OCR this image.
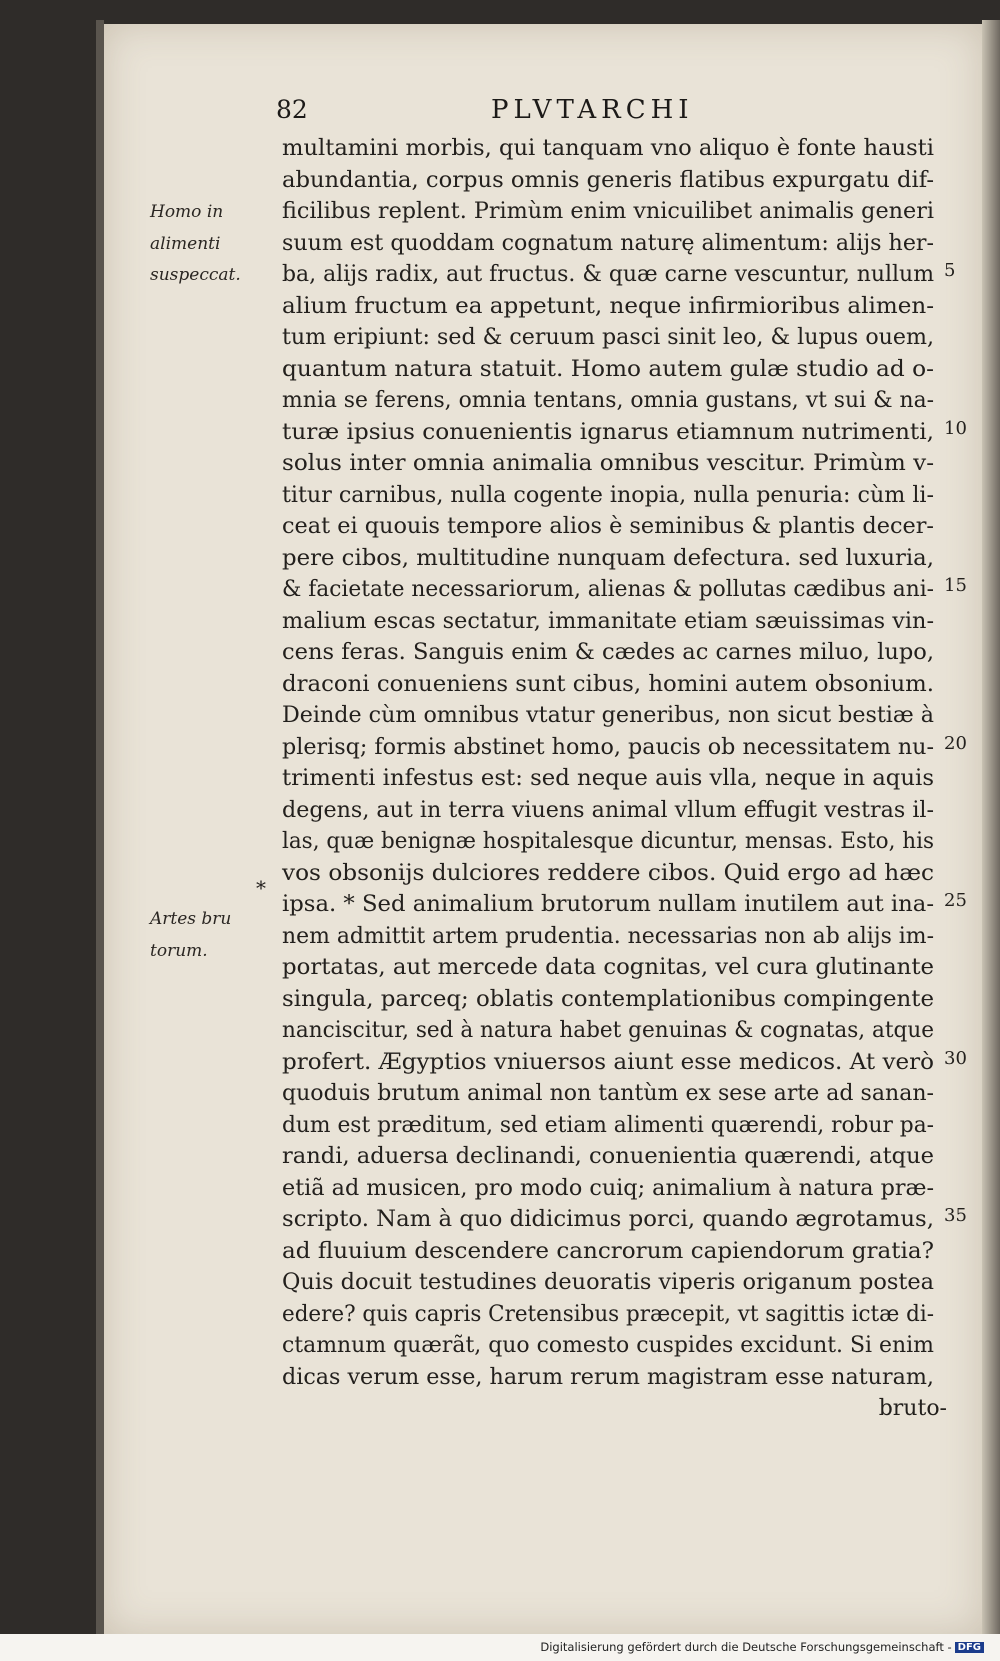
82	PLVTARCHI
Homo in alimenti suspeccat.
Artes bru torum.
*
multamini morbis, qui tanquam vno aliquo è fonte hausti
abundantia, corpus omnis generis flatibus expurgatu dif-
ficilibus replent. Primùm enim vnicuilibet animalis generi
suum est quoddam cognatum naturę alimentum: alijs her-
ba, alijs radix, aut fructus. & quæ carne vescuntur, nullum
alium fructum ea appetunt, neque infirmioribus alimen-
tum eripiunt: sed & ceruum pasci sinit leo, & lupus ouem,
quantum natura statuit. Homo autem gulæ studio ad o-
mnia se ferens, omnia tentans, omnia gustans, vt sui & na-
turæ ipsius conuenientis ignarus etiamnum nutrimenti,
solus inter omnia animalia omnibus vescitur. Primùm v-
titur carnibus, nulla cogente inopia, nulla penuria: cùm li-
ceat ei quouis tempore alios è seminibus & plantis decer-
pere cibos, multitudine nunquam defectura. sed luxuria,
& facietate necessariorum, alienas & pollutas cædibus ani-
malium escas sectatur, immanitate etiam sæuissimas vin-
cens feras. Sanguis enim & cædes ac carnes miluo, lupo,
draconi conueniens sunt cibus, homini autem obsonium.
Deinde cùm omnibus vtatur generibus, non sicut bestiæ à
plerisq; formis abstinet homo, paucis ob necessitatem nu-
trimenti infestus est: sed neque auis vlla, neque in aquis
degens, aut in terra viuens animal vllum effugit vestras il-
las, quæ benignæ hospitalesque dicuntur, mensas. Esto, his
vos obsonijs dulciores reddere cibos. Quid ergo ad hæc
ipsa. * Sed animalium brutorum nullam inutilem aut ina-
nem admittit artem prudentia. necessarias non ab alijs im-
portatas, aut mercede data cognitas, vel cura glutinante
singula, parceq; oblatis contemplationibus compingente
nanciscitur, sed à natura habet genuinas & cognatas, atque
profert. Ægyptios vniuersos aiunt esse medicos. At verò
quoduis brutum animal non tantùm ex sese arte ad sanan-
dum est præditum, sed etiam alimenti quærendi, robur pa-
randi, aduersa declinandi, conuenientia quærendi, atque
etiã ad musicen, pro modo cuiq; animalium à natura præ-
scripto. Nam à quo didicimus porci, quando ægrotamus,
ad fluuium descendere cancrorum capiendorum gratia?
Quis docuit testudines deuoratis viperis origanum postea
edere? quis capris Cretensibus præcepit, vt sagittis ictæ di-
ctamnum quærãt, quo comesto cuspides excidunt. Si enim
dicas verum esse, harum rerum magistram esse naturam,
bruto-
5
10
15
20
25
30
35
Digitalisierung gefördert durch die Deutsche Forschungsgemeinschaft - DFG
